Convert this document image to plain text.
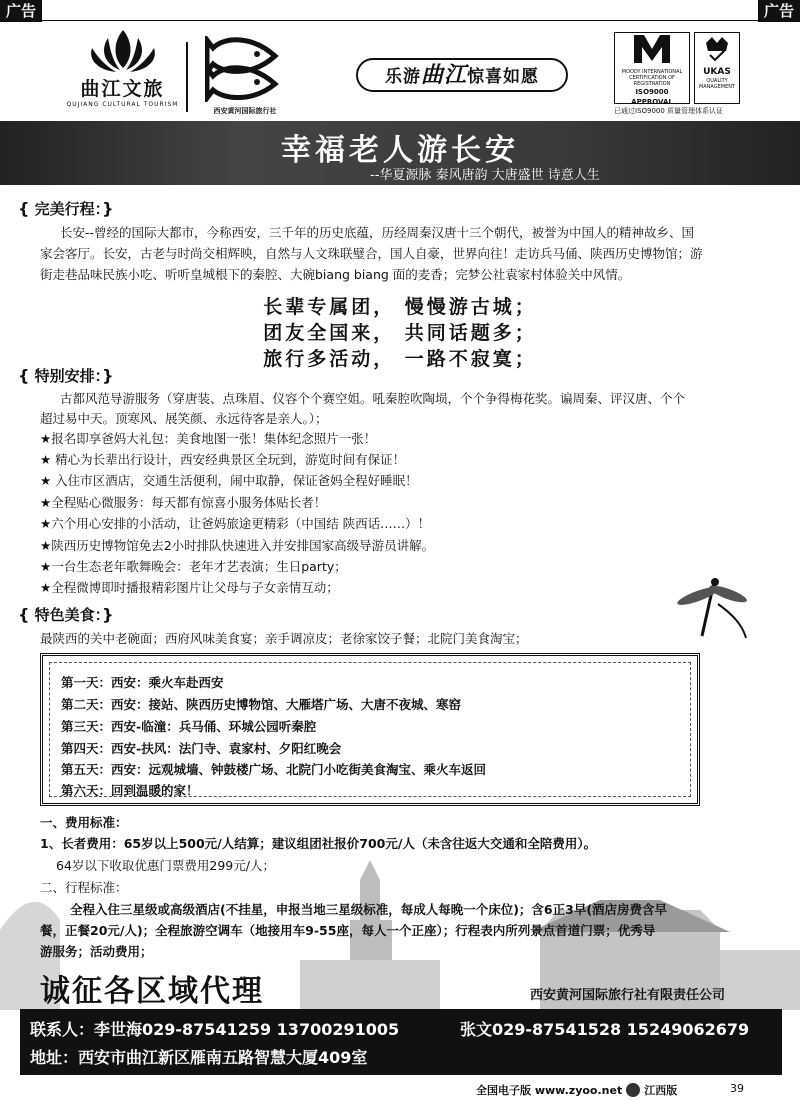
广告	广告
曲江文旅
QUJIANG CULTURAL TOURISM
西安黄河国际旅行社
乐游曲江惊喜如愿	MOODY INTERNATIONAL
CERTIFICATION OF REGISTRATION
ISO9000 APPROVAL
UKAS
QUALITY
MANAGEMENT
已通过ISO9000 质量管理体系认证
幸福老人游长安
--华夏源脉 秦风唐韵 大唐盛世 诗意人生
{ 完美行程：}
长安--曾经的国际大都市，今称西安，三千年的历史底蕴，历经周秦汉唐十三个朝代，被誉为中国人的精神故乡、国
家会客厅。长安，古老与时尚交相辉映，自然与人文珠联璧合，国人自豪，世界向往！走访兵马俑、陕西历史博物馆；游
街走巷品味民族小吃、听听皇城根下的秦腔、大碗biang biang 面的麦香；完梦公社袁家村体验关中风情。
长辈专属团， 慢慢游古城；
团友全国来， 共同话题多；
旅行多活动， 一路不寂寞；
{ 特别安排：}
古都风范导游服务（穿唐装、点珠眉、仪容个个赛空姐。吼秦腔吹陶埙，个个争得梅花奖。谝周秦、评汉唐、个个
超过易中天。顶寒风、展笑颜、永远待客是亲人。）；
★报名即享爸妈大礼包：美食地图一张！集体纪念照片一张！
★ 精心为长辈出行设计，西安经典景区全玩到，游览时间有保证！
★ 入住市区酒店，交通生活便利，闹中取静，保证爸妈全程好睡眠！
★全程贴心微服务：每天都有惊喜小服务体贴长者！
★六个用心安排的小活动，让爸妈旅途更精彩（中国结 陕西话……）！
★陕西历史博物馆免去2小时排队快速进入并安排国家高级导游员讲解。
★一台生态老年歌舞晚会：老年才艺表演；生日party；
★全程微博即时播报精彩图片让父母与子女亲情互动；
{ 特色美食：}
最陕西的关中老碗面；西府风味美食宴；亲手调凉皮；老徐家饺子餐；北院门美食淘宝；
第一天：西安：乘火车赴西安
第二天：西安：接站、陕西历史博物馆、大雁塔广场、大唐不夜城、寒窑
第三天：西安-临潼：兵马俑、环城公园听秦腔
第四天：西安-扶风：法门寺、袁家村、夕阳红晚会
第五天：西安：远观城墙、钟鼓楼广场、北院门小吃街美食淘宝、乘火车返回
第六天：回到温暖的家！
一、费用标准：
1、长者费用：65岁以上500元/人结算；建议组团社报价700元/人（未含往返大交通和全陪费用）。
64岁以下收取优惠门票费用299元/人；
二、行程标准：
全程入住三星级或高级酒店(不挂星，申报当地三星级标准，每成人每晚一个床位)；含6正3早(酒店房费含早
餐，正餐20元/人)；全程旅游空调车（地接用车9-55座，每人一个正座）；行程表内所列景点首道门票；优秀导
游服务；活动费用；
诚征各区域代理	西安黄河国际旅行社有限责任公司
联系人：李世海029-87541259 13700291005	张文029-87541528 15249062679
地址：西安市曲江新区雁南五路智慧大厦409室
全国电子版 www.zyoo.net 江西版	39
